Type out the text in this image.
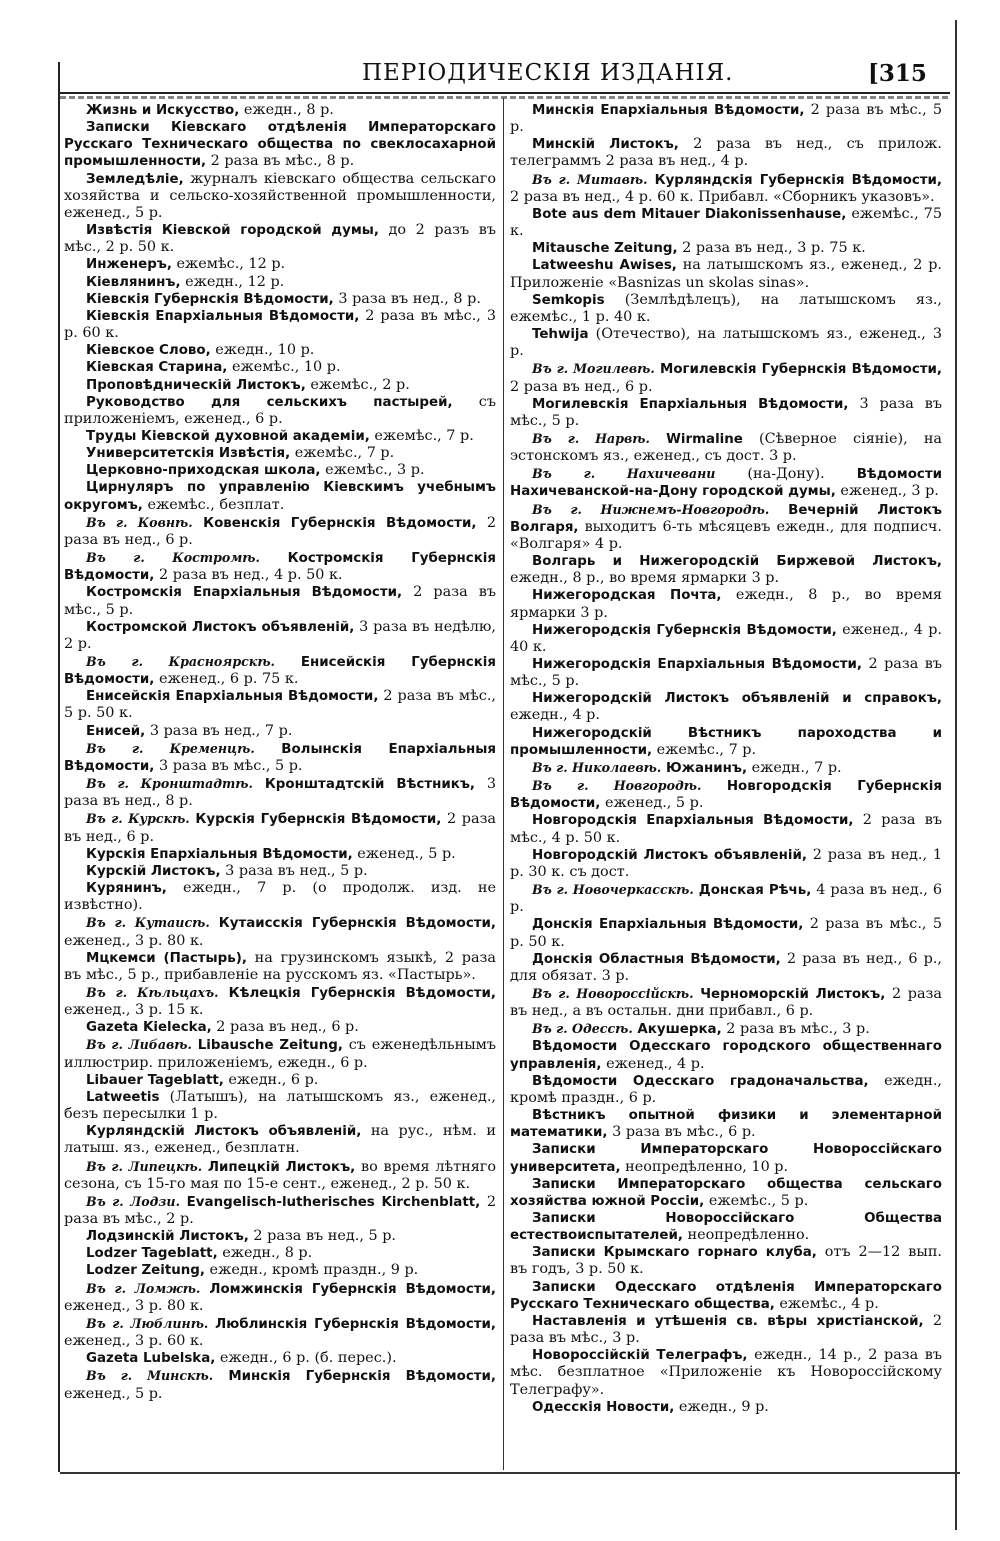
ПЕРІОДИЧЕСКІЯ ИЗДАНІЯ.	[315

Жизнь и Искусство, ежедн., 8 р.

Записки Кіевскаго отдѣленія Императорскаго Русскаго Техническаго общества по свеклосахарной промышленности, 2 раза въ мѣс., 8 р.

Земледѣліе, журналъ кіевскаго общества сельскаго хозяйства и сельско-хозяйственной промышленности, еженед., 5 р.

Извѣстія Кіевской городской думы, до 2 разъ въ мѣс., 2 р. 50 к.

Инженеръ, ежемѣс., 12 р.

Кіевлянинъ, ежедн., 12 р.

Кіевскія Губернскія Вѣдомости, 3 раза въ нед., 8 р.

Кіевскія Епархіальныя Вѣдомости, 2 раза въ мѣс., 3 р. 60 к.

Кіевское Слово, ежедн., 10 р.

Кіевская Старина, ежемѣс., 10 р.

Проповѣдническій Листокъ, ежемѣс., 2 р.

Руководство для сельскихъ пастырей, съ приложеніемъ, еженед., 6 р.

Труды Кіевской духовной академіи, ежемѣс., 7 р.

Университетскія Извѣстія, ежемѣс., 7 р.

Церковно-приходская школа, ежемѣс., 3 р.

Цирнуляръ по управленію Кіевскимъ учебнымъ округомъ, ежемѣс., безплат.

Въ г. Ковнѣ. Ковенскія Губернскія Вѣдомости, 2 раза въ нед., 6 р.

Въ г. Костромѣ. Костромскія Губернскія Вѣдомости, 2 раза въ нед., 4 р. 50 к.

Костромскія Епархіальныя Вѣдомости, 2 раза въ мѣс., 5 р.

Костромской Листокъ объявленій, 3 раза въ недѣлю, 2 р.

Въ г. Красноярскѣ. Енисейскія Губернскія Вѣдомости, еженед., 6 р. 75 к.

Енисейскія Епархіальныя Вѣдомости, 2 раза въ мѣс., 5 р. 50 к.

Енисей, 3 раза въ нед., 7 р.

Въ г. Кременцѣ. Волынскія Епархіальныя Вѣдомости, 3 раза въ мѣс., 5 р.

Въ г. Кронштадтѣ. Кронштадтскій Вѣстникъ, 3 раза въ нед., 8 р.

Въ г. Курскѣ. Курскія Губернскія Вѣдомости, 2 раза въ нед., 6 р.

Курскія Епархіальныя Вѣдомости, еженед., 5 р.

Курскій Листокъ, 3 раза въ нед., 5 р.

Курянинъ, ежедн., 7 р. (о продолж. изд. не извѣстно).

Въ г. Кутаисѣ. Кутаисскія Губернскія Вѣдомости, еженед., 3 р. 80 к.

Мцкемси (Пастырь), на грузинскомъ языкѣ, 2 раза въ мѣс., 5 р., прибавленіе на русскомъ яз. «Пастырь».

Въ г. Кѣльцахъ. Кѣлецкія Губернскія Вѣдомости, еженед., 3 р. 15 к.

Gazeta Kielecka, 2 раза въ нед., 6 р.

Въ г. Либавѣ. Libausche Zeitung, съ еженедѣльнымъ иллюстрир. приложеніемъ, ежедн., 6 р.

Libauer Tageblatt, ежедн., 6 р.

Latweetis (Латышъ), на латышскомъ яз., еженед., безъ пересылки 1 р.

Курляндскій Листокъ объявленій, на рус., нѣм. и латыш. яз., еженед., безплатн.

Въ г. Липецкѣ. Липецкій Листокъ, во время лѣтняго сезона, съ 15-го мая по 15-е сент., еженед., 2 р. 50 к.

Въ г. Лодзи. Evangelisch-lutherisches Kirchenblatt, 2 раза въ мѣс., 2 р.

Лодзинскій Листокъ, 2 раза въ нед., 5 р.

Lodzer Tageblatt, ежедн., 8 р.

Lodzer Zeitung, ежедн., кромѣ праздн., 9 р.

Въ г. Ломжѣ. Ломжинскія Губернскія Вѣдомости, еженед., 3 р. 80 к.

Въ г. Люблинѣ. Люблинскія Губернскія Вѣдомости, еженед., 3 р. 60 к.

Gazeta Lubelska, ежедн., 6 р. (б. перес.).

Въ г. Минскѣ. Минскія Губернскія Вѣдомости, еженед., 5 р.

Минскія Епархіальныя Вѣдомости, 2 раза въ мѣс., 5 р.

Минскій Листокъ, 2 раза въ нед., съ прилож. телеграммъ 2 раза въ нед., 4 р.

Въ г. Митавѣ. Курляндскія Губернскія Вѣдомости, 2 раза въ нед., 4 р. 60 к. Прибавл. «Сборникъ указовъ».

Bote aus dem Mitauer Diakonissenhause, ежемѣс., 75 к.

Mitausche Zeitung, 2 раза въ нед., 3 р. 75 к.

Latweeshu Awises, на латышскомъ яз., еженед., 2 р. Приложеніе «Basnizas un skolas sinas».

Semkopis (Землѣдѣлецъ), на латышскомъ яз., ежемѣс., 1 р. 40 к.

Tehwija (Отечество), на латышскомъ яз., еженед., 3 р.

Въ г. Могилевѣ. Могилевскія Губернскія Вѣдомости, 2 раза въ нед., 6 р.

Могилевскія Епархіальныя Вѣдомости, 3 раза въ мѣс., 5 р.

Въ г. Нарвѣ. Wirmaline (Сѣверное сіяніе), на эстонскомъ яз., еженед., съ дост. 3 р.

Въ г. Нахичевани (на-Дону). Вѣдомости Нахичеванской-на-Дону городской думы, еженед., 3 р.

Въ г. Нижнемъ-Новгородѣ. Вечерній Листокъ Волгаря, выходитъ 6-ть мѣсяцевъ ежедн., для подписч. «Волгаря» 4 р.

Волгарь и Нижегородскій Биржевой Листокъ, ежедн., 8 р., во время ярмарки 3 р.

Нижегородская Почта, ежедн., 8 р., во время ярмарки 3 р.

Нижегородскія Губернскія Вѣдомости, еженед., 4 р. 40 к.

Нижегородскія Епархіальныя Вѣдомости, 2 раза въ мѣс., 5 р.

Нижегородскій Листокъ объявленій и справокъ, ежедн., 4 р.

Нижегородскій Вѣстникъ пароходства и промышленности, ежемѣс., 7 р.

Въ г. Николаевѣ. Южанинъ, ежедн., 7 р.

Въ г. Новгородѣ. Новгородскія Губернскія Вѣдомости, еженед., 5 р.

Новгородскія Епархіальныя Вѣдомости, 2 раза въ мѣс., 4 р. 50 к.

Новгородскій Листокъ объявленій, 2 раза въ нед., 1 р. 30 к. съ дост.

Въ г. Новочеркасскѣ. Донская Рѣчь, 4 раза въ нед., 6 р.

Донскія Епархіальныя Вѣдомости, 2 раза въ мѣс., 5 р. 50 к.

Донскія Областныя Вѣдомости, 2 раза въ нед., 6 р., для обязат. 3 р.

Въ г. Новороссійскѣ. Черноморскій Листокъ, 2 раза въ нед., а въ остальн. дни прибавл., 6 р.

Въ г. Одессѣ. Акушерка, 2 раза въ мѣс., 3 р.

Вѣдомости Одесскаго городского общественнаго управленія, еженед., 4 р.

Вѣдомости Одесскаго градоначальства, ежедн., кромѣ праздн., 6 р.

Вѣстникъ опытной физики и элементарной математики, 3 раза въ мѣс., 6 р.

Записки Императорскаго Новороссійскаго университета, неопредѣленно, 10 р.

Записки Императорскаго общества сельскаго хозяйства южной Россіи, ежемѣс., 5 р.

Записки Новороссійскаго Общества естествоиспытателей, неопредѣленно.

Записки Крымскаго горнаго клуба, отъ 2—12 вып. въ годъ, 3 р. 50 к.

Записки Одесскаго отдѣленія Императорскаго Русскаго Техническаго общества, ежемѣс., 4 р.

Наставленія и утѣшенія св. вѣры христіанской, 2 раза въ мѣс., 3 р.

Новороссійскій Телеграфъ, ежедн., 14 р., 2 раза въ мѣс. безплатное «Приложеніе къ Новороссійскому Телеграфу».

Одесскія Новости, ежедн., 9 р.
